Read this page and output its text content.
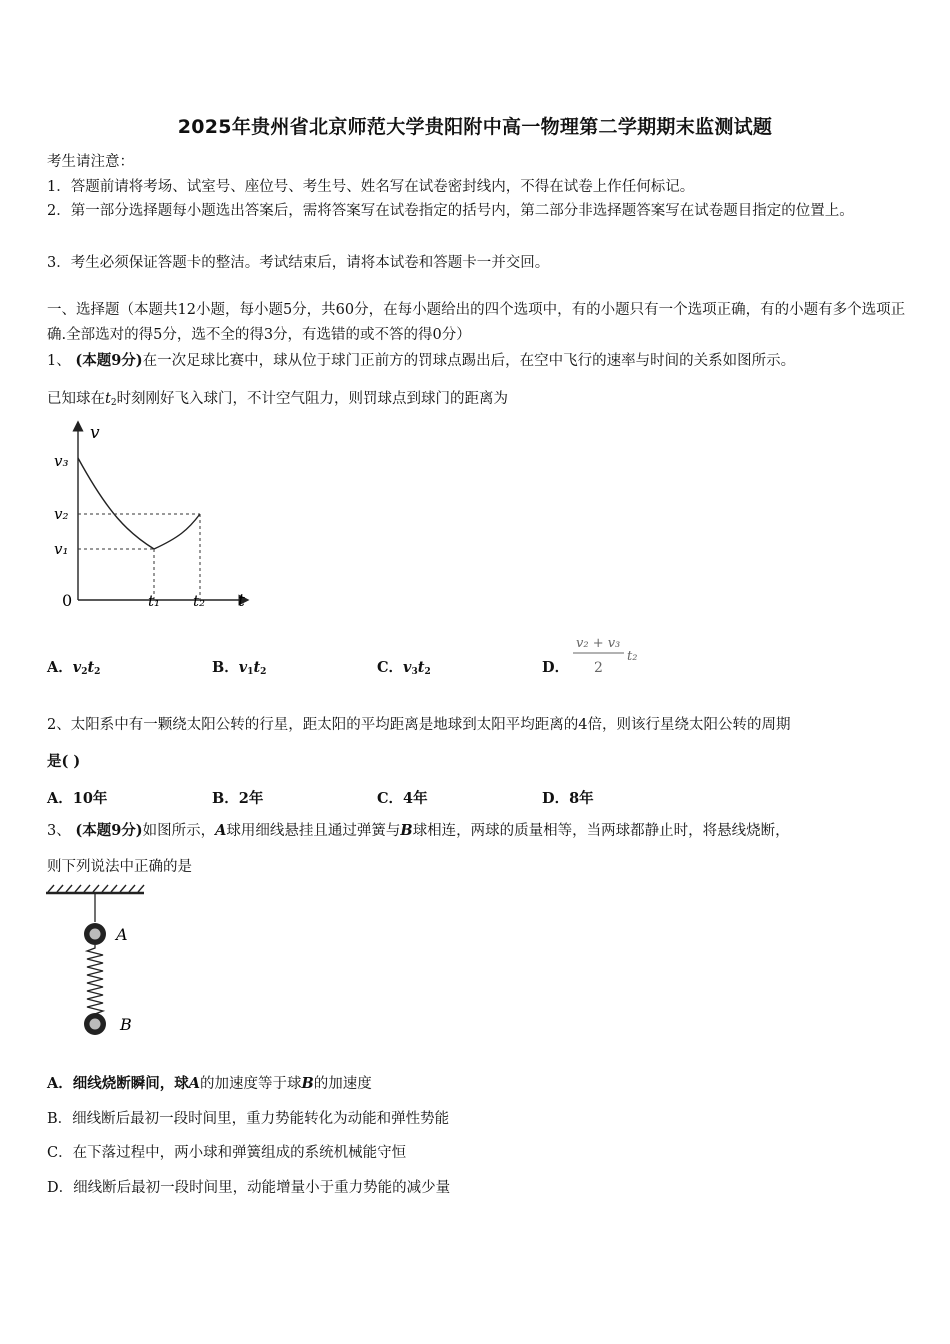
2025年贵州省北京师范大学贵阳附中高一物理第二学期期末监测试题
考生请注意：
1．答题前请将考场、试室号、座位号、考生号、姓名写在试卷密封线内，不得在试卷上作任何标记。
2．第一部分选择题每小题选出答案后，需将答案写在试卷指定的括号内，第二部分非选择题答案写在试卷题目指定的位置上。
3．考生必须保证答题卡的整洁。考试结束后，请将本试卷和答题卡一并交回。
一、选择题（本题共12小题，每小题5分，共60分，在每小题给出的四个选项中，有的小题只有一个选项正确，有的小题有多个选项正确.全部选对的得5分，选不全的得3分，有选错的或不答的得0分）
1、 (本题9分)在一次足球比赛中，球从位于球门正前方的罚球点踢出后，在空中飞行的速率与时间的关系如图所示。
已知球在$t_2$时刻刚好飞入球门，不计空气阻力，则罚球点到球门的距离为
v
t
0
v₃
v₂
v₁
t₁ t₂
A．$v_2t_2$	B．$v_1t_2$	C．$v_3t_2$	D．
v₂ + v₃
2
t₂
2、太阳系中有一颗绕太阳公转的行星，距太阳的平均距离是地球到太阳平均距离的4倍，则该行星绕太阳公转的周期
是( )
A．10年	B．2年	C．4年	D．8年
3、 (本题9分)如图所示，A球用细线悬挂且通过弹簧与B球相连，两球的质量相等，当两球都静止时，将悬线烧断，
则下列说法中正确的是
A
B
A．细线烧断瞬间，球A的加速度等于球B的加速度
B．细线断后最初一段时间里，重力势能转化为动能和弹性势能
C．在下落过程中，两小球和弹簧组成的系统机械能守恒
D．细线断后最初一段时间里，动能增量小于重力势能的减少量
